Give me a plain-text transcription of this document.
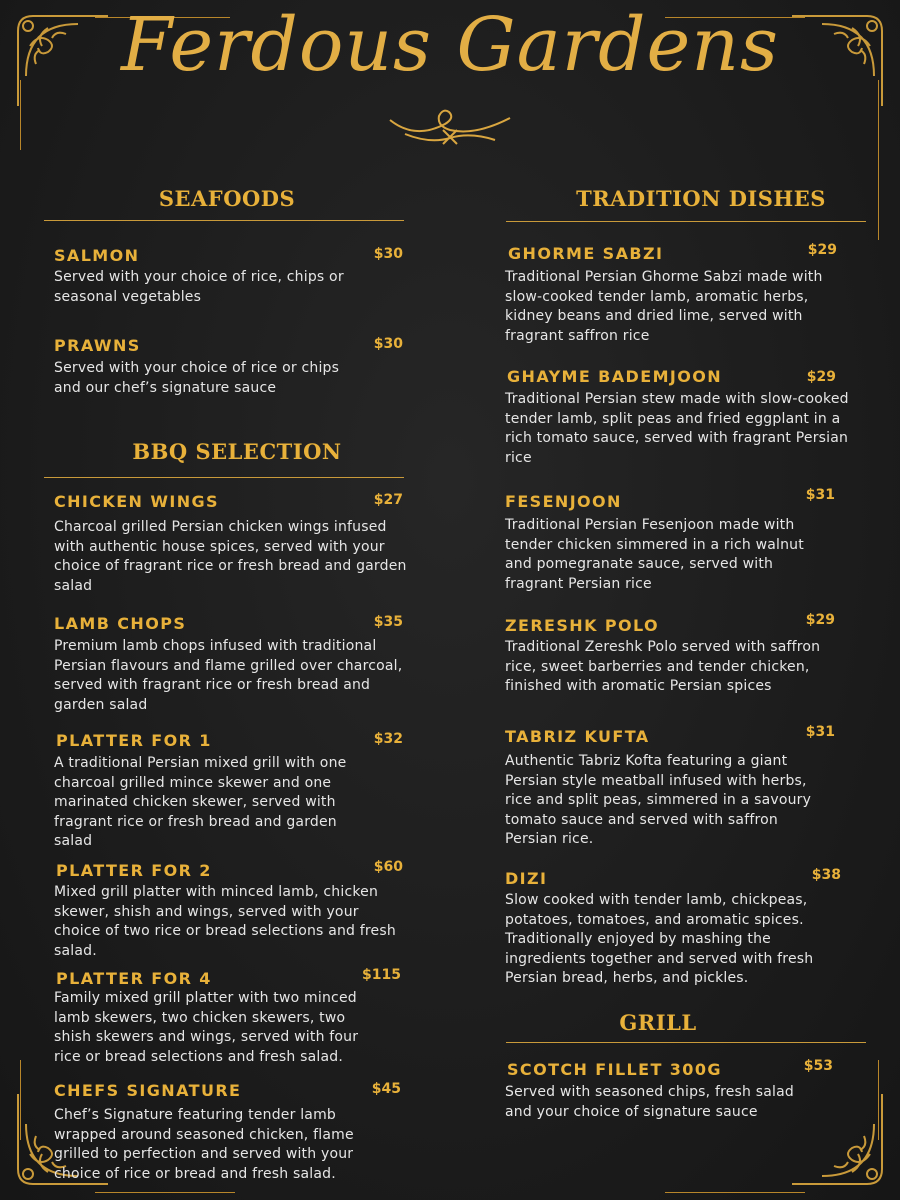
Ferdous Gardens
SEAFOODS
SALMON	$30
Served with your choice of rice, chips or seasonal vegetables
PRAWNS	$30
Served with your choice of rice or chips and our chef’s signature sauce
BBQ SELECTION
CHICKEN WINGS	$27
Charcoal grilled Persian chicken wings infused with authentic house spices, served with your choice of fragrant rice or fresh bread and garden salad
LAMB CHOPS	$35
Premium lamb chops infused with traditional Persian flavours and flame grilled over charcoal, served with fragrant rice or fresh bread and garden salad
PLATTER FOR 1	$32
A traditional Persian mixed grill with one charcoal grilled mince skewer and one marinated chicken skewer, served with fragrant rice or fresh bread and garden salad
PLATTER FOR 2	$60
Mixed grill platter with minced lamb, chicken skewer, shish and wings, served with your choice of two rice or bread selections and fresh salad.
PLATTER FOR 4	$115
Family mixed grill platter with two minced lamb skewers, two chicken skewers, two shish skewers and wings, served with four rice or bread selections and fresh salad.
CHEFS SIGNATURE	$45
Chef’s Signature featuring tender lamb wrapped around seasoned chicken, flame grilled to perfection and served with your choice of rice or bread and fresh salad.
TRADITION DISHES
GHORME SABZI	$29
Traditional Persian Ghorme Sabzi made with slow-cooked tender lamb, aromatic herbs, kidney beans and dried lime, served with fragrant saffron rice
GHAYME BADEMJOON	$29
Traditional Persian stew made with slow-cooked tender lamb, split peas and fried eggplant in a rich tomato sauce, served with fragrant Persian rice
FESENJOON	$31
Traditional Persian Fesenjoon made with tender chicken simmered in a rich walnut and pomegranate sauce, served with fragrant Persian rice
ZERESHK POLO	$29
Traditional Zereshk Polo served with saffron rice, sweet barberries and tender chicken, finished with aromatic Persian spices
TABRIZ KUFTA	$31
Authentic Tabriz Kofta featuring a giant Persian style meatball infused with herbs, rice and split peas, simmered in a savoury tomato sauce and served with saffron Persian rice.
DIZI	$38
Slow cooked with tender lamb, chickpeas, potatoes, tomatoes, and aromatic spices. Traditionally enjoyed by mashing the ingredients together and served with fresh Persian bread, herbs, and pickles.
GRILL
SCOTCH FILLET 300G	$53
Served with seasoned chips, fresh salad and your choice of signature sauce
